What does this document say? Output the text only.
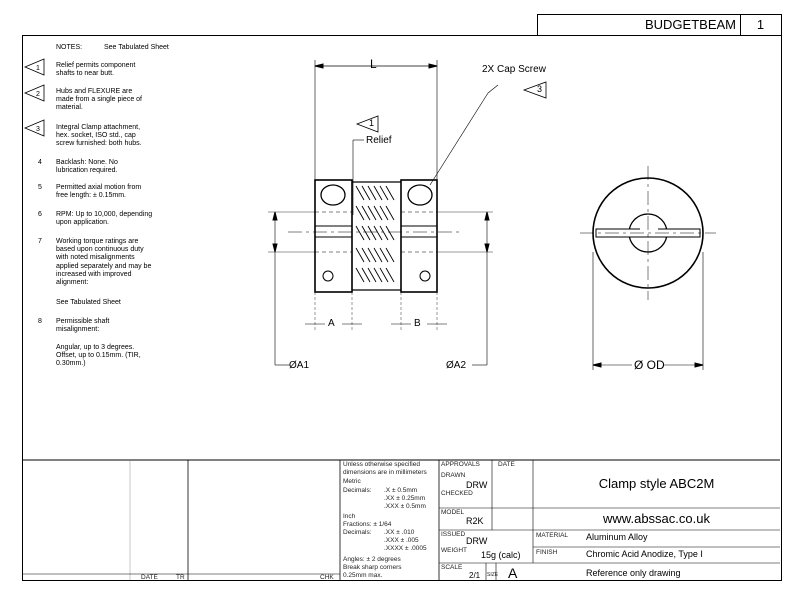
BUDGETBEAM	1
NOTES:	See Tabulated Sheet
1 Relief permits component shafts to near butt.
2 Hubs and FLEXURE are made from a single piece of material.
3 Integral Clamp attachment, hex. socket, ISO std., cap screw furnished: both hubs.
4 Backlash: None. No lubrication required.
5 Permitted axial motion from free length: ± 0.15mm.
6 RPM: Up to 10,000, depending upon application.
7 Working torque ratings are based upon continuous duty with noted misalignments applied separately and may be increased with improved alignment:
See Tabulated Sheet
8 Permissible shaft misalignment:
Angular, up to 3 degrees. Offset, up to 0.15mm. (TIR, 0.30mm.)
L	2X Cap Screw
3
1
Relief
A	B
ØA1	ØA2	Ø OD
Unless otherwise specified
dimensions are in millimeters
Metric
Decimals: .X ± 0.5mm
.XX ± 0.25mm
.XXX ± 0.5mm
Inch
Fractions: ± 1/64
Decimals: .XX ± .010
.XXX ± .005
.XXXX ± .0005
Angles: ± 2 degrees
Break sharp corners
0.25mm max.
APPROVALS	DATE
DRAWN
DRW
CHECKED
MODEL
R2K
ISSUED
DRW
WEIGHT 15g (calc)
SCALE
2/1 SIZE A
Clamp style ABC2M
www.abssac.co.uk
MATERIAL Aluminum Alloy
FINISH	Chromic Acid Anodize, Type I
Reference only drawing
DATE	TR	CHK
